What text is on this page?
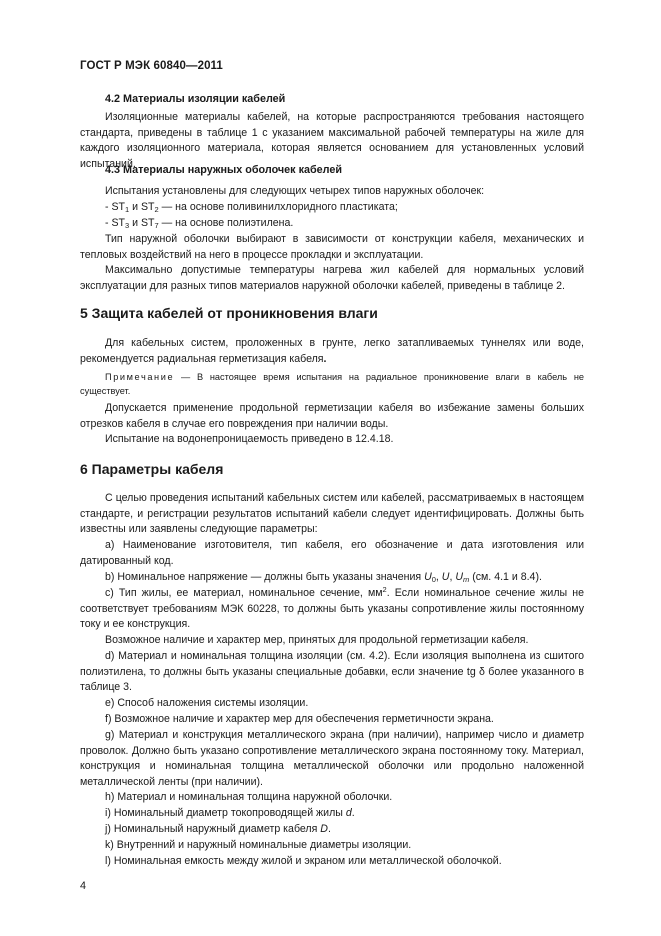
ГОСТ Р МЭК 60840—2011
4.2 Материалы изоляции кабелей
Изоляционные материалы кабелей, на которые распространяются требования настоящего стандарта, приведены в таблице 1 с указанием максимальной рабочей температуры на жиле для каждого изоляционного материала, которая является основанием для установленных условий испытаний.
4.3 Материалы наружных оболочек кабелей
Испытания установлены для следующих четырех типов наружных оболочек:
- $ST_1$ и $ST_2$ — на основе поливинилхлоридного пластиката;
- $ST_3$ и $ST_7$ — на основе полиэтилена.
Тип наружной оболочки выбирают в зависимости от конструкции кабеля, механических и тепловых воздействий на него в процессе прокладки и эксплуатации.
Максимально допустимые температуры нагрева жил кабелей для нормальных условий эксплуатации для разных типов материалов наружной оболочки кабелей, приведены в таблице 2.
5 Защита кабелей от проникновения влаги
Для кабельных систем, проложенных в грунте, легко затапливаемых туннелях или воде, рекомендуется радиальная герметизация кабеля.
Примечание — В настоящее время испытания на радиальное проникновение влаги в кабель не существует.
Допускается применение продольной герметизации кабеля во избежание замены больших отрезков кабеля в случае его повреждения при наличии воды.
Испытание на водонепроницаемость приведено в 12.4.18.
6 Параметры кабеля
С целью проведения испытаний кабельных систем или кабелей, рассматриваемых в настоящем стандарте, и регистрации результатов испытаний кабели следует идентифицировать. Должны быть известны или заявлены следующие параметры:
a) Наименование изготовителя, тип кабеля, его обозначение и дата изготовления или датированный код.
b) Номинальное напряжение — должны быть указаны значения $U_0$, U, $U_m$ (см. 4.1 и 8.4).
c) Тип жилы, ее материал, номинальное сечение, $мм^2$. Если номинальное сечение жилы не соответствует требованиям МЭК 60228, то должны быть указаны сопротивление жилы постоянному току и ее конструкция.
Возможное наличие и характер мер, принятых для продольной герметизации кабеля.
d) Материал и номинальная толщина изоляции (см. 4.2). Если изоляция выполнена из сшитого полиэтилена, то должны быть указаны специальные добавки, если значение tg δ более указанного в таблице 3.
e) Способ наложения системы изоляции.
f) Возможное наличие и характер мер для обеспечения герметичности экрана.
g) Материал и конструкция металлического экрана (при наличии), например число и диаметр проволок. Должно быть указано сопротивление металлического экрана постоянному току. Материал, конструкция и номинальная толщина металлической оболочки или продольно наложенной металлической ленты (при наличии).
h) Материал и номинальная толщина наружной оболочки.
i) Номинальный диаметр токопроводящей жилы d.
j) Номинальный наружный диаметр кабеля D.
k) Внутренний и наружный номинальные диаметры изоляции.
l) Номинальная емкость между жилой и экраном или металлической оболочкой.
4
